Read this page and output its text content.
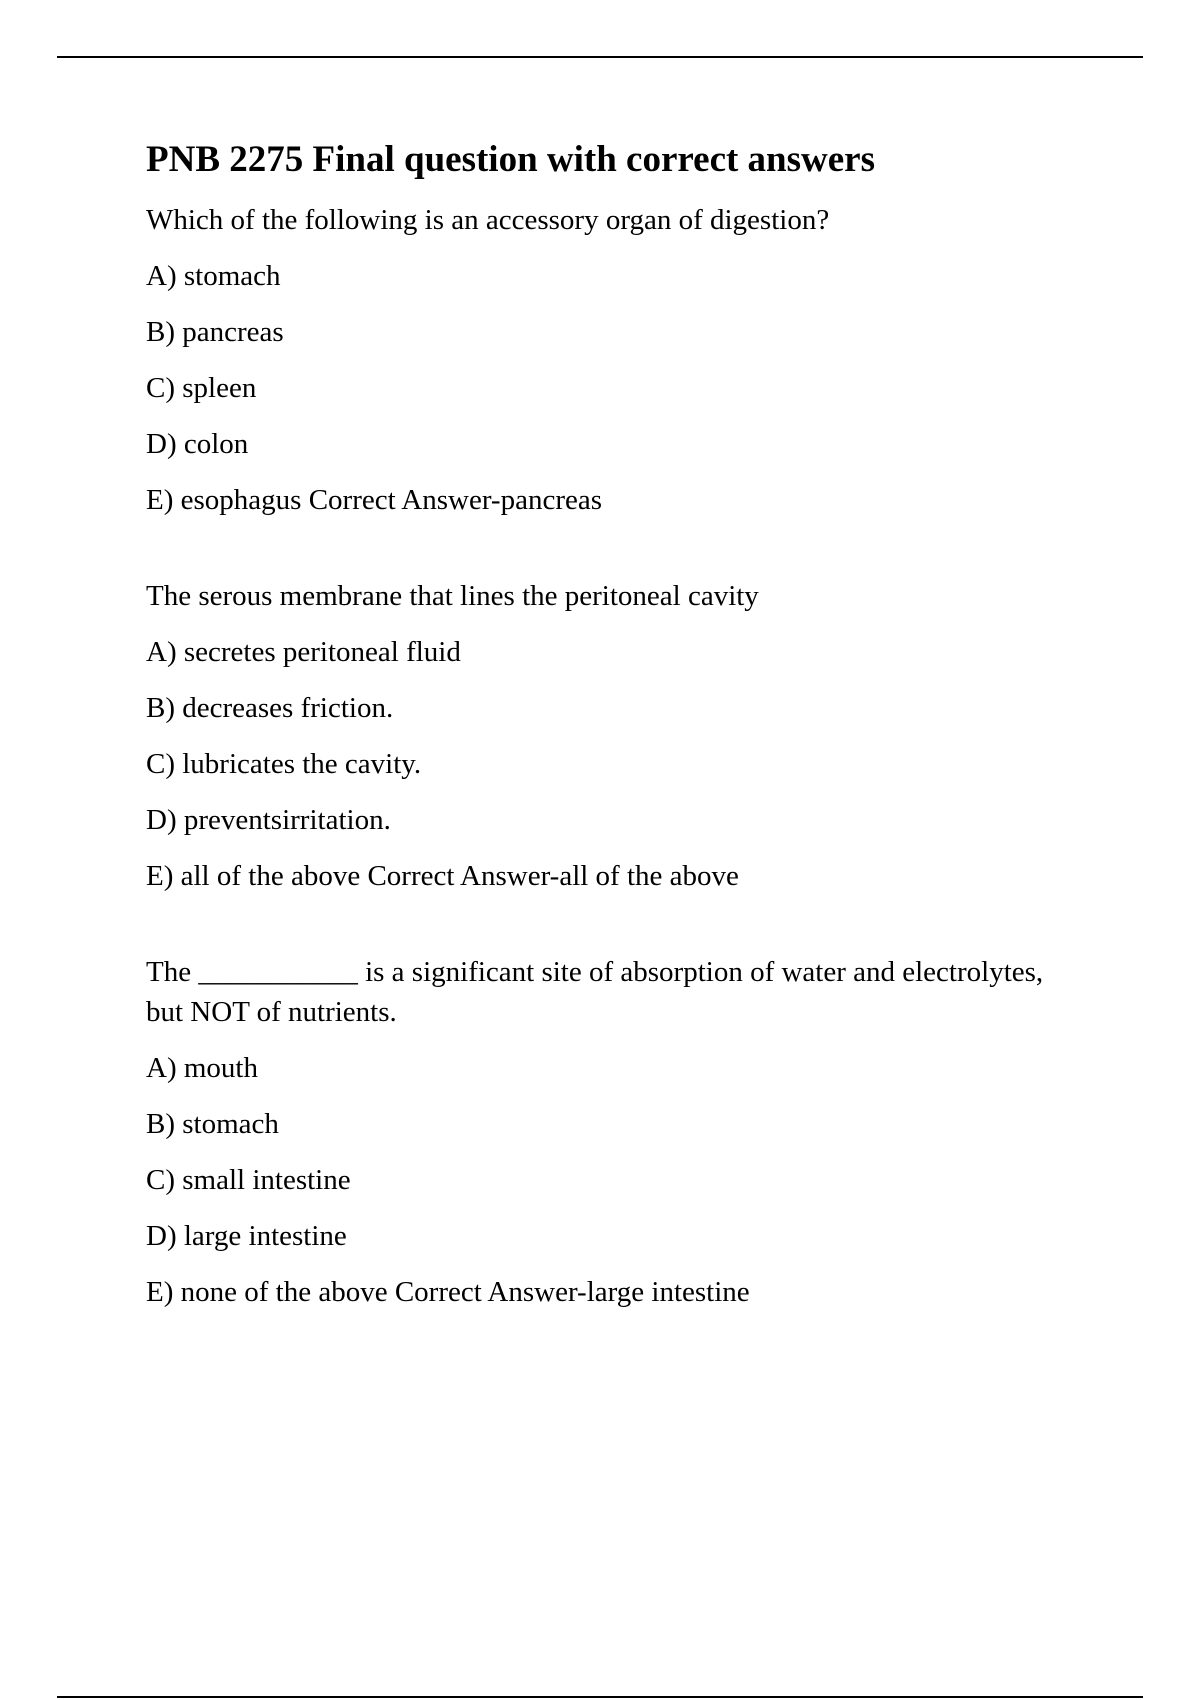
PNB 2275 Final question with correct answers

Which of the following is an accessory organ of digestion?

A) stomach

B) pancreas

C) spleen

D) colon

E) esophagus Correct Answer-pancreas

The serous membrane that lines the peritoneal cavity

A) secretes peritoneal fluid

B) decreases friction.

C) lubricates the cavity.

D) preventsirritation.

E) all of the above Correct Answer-all of the above

The ___________ is a significant site of absorption of water and electrolytes, but NOT of nutrients.

A) mouth

B) stomach

C) small intestine

D) large intestine

E) none of the above Correct Answer-large intestine
